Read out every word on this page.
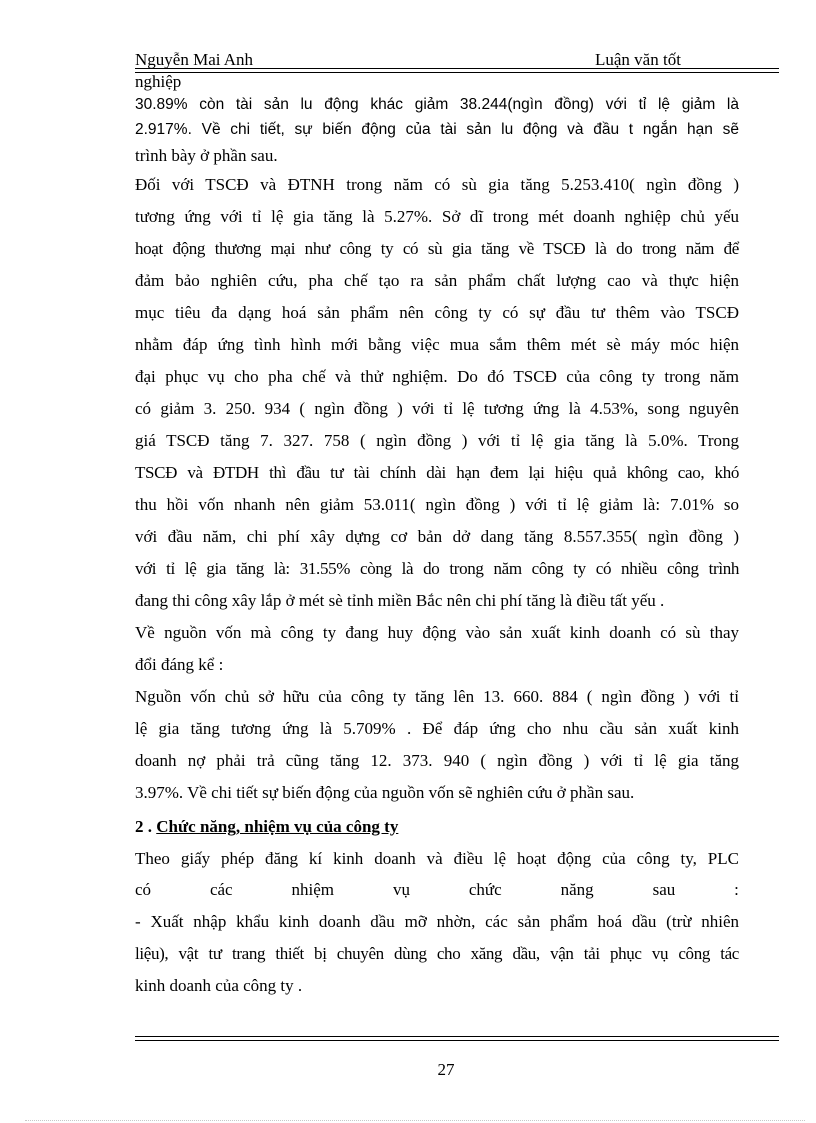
Nguyễn Mai Anh	Luận văn tốt
nghiệp
30.89% còn tài sản lu động khác giảm 38.244(ngìn đồng) với tỉ lệ giảm là
2.917%. Về chi tiết, sự biến động của tài sản lu động và đầu t ngắn hạn sẽ
trình bày ở phần sau.
Đối với TSCĐ và ĐTNH trong năm có sù gia tăng 5.253.410( ngìn đồng )
tương ứng với tỉ lệ gia tăng là 5.27%. Sở dĩ trong mét doanh nghiệp chủ yếu
hoạt động thương mại như công ty có sù gia tăng về TSCĐ là do trong năm để
đảm bảo nghiên cứu, pha chế tạo ra sản phẩm chất lượng cao và thực hiện
mục tiêu đa dạng hoá sản phẩm nên công ty có sự đầu tư thêm vào TSCĐ
nhằm đáp ứng tình hình mới bằng việc mua sắm thêm mét sè máy móc hiện
đại phục vụ cho pha chế và thử nghiệm. Do đó TSCĐ của công ty trong năm
có giảm 3. 250. 934 ( ngìn đồng ) với tỉ lệ tương ứng là 4.53%, song nguyên
giá TSCĐ tăng 7. 327. 758 ( ngìn đồng ) với tỉ lệ gia tăng là 5.0%. Trong
TSCĐ và ĐTDH thì đầu tư tài chính dài hạn đem lại hiệu quả không cao, khó
thu hồi vốn nhanh nên giảm 53.011( ngìn đồng ) với tỉ lệ giảm là: 7.01% so
với đầu năm, chi phí xây dựng cơ bản dở dang tăng 8.557.355( ngìn đồng )
với tỉ lệ gia tăng là: 31.55% còng là do trong năm công ty có nhiều công trình
đang thi công xây lắp ở mét sè tỉnh miền Bắc nên chi phí tăng là điều tất yếu .
Về nguồn vốn mà công ty đang huy động vào sản xuất kinh doanh có sù thay
đổi đáng kể :
Nguồn vốn chủ sở hữu của công ty tăng lên 13. 660. 884 ( ngìn đồng ) với tỉ
lệ gia tăng tương ứng là 5.709% . Để đáp ứng cho nhu cầu sản xuất kinh
doanh nợ phải trả cũng tăng 12. 373. 940 ( ngìn đồng ) với tỉ lệ gia tăng
3.97%. Về chi tiết sự biến động của nguồn vốn sẽ nghiên cứu ở phần sau.
2 . Chức năng, nhiệm vụ của công ty
Theo giấy phép đăng kí kinh doanh và điều lệ hoạt động của công ty, PLC
có	các	nhiệm	vụ	chức	năng	sau	:
- Xuất nhập khẩu kinh doanh dầu mỡ nhờn, các sản phẩm hoá dầu (trừ nhiên
liệu), vật tư trang thiết bị chuyên dùng cho xăng dầu, vận tải phục vụ công tác
kinh doanh của công ty .
27
